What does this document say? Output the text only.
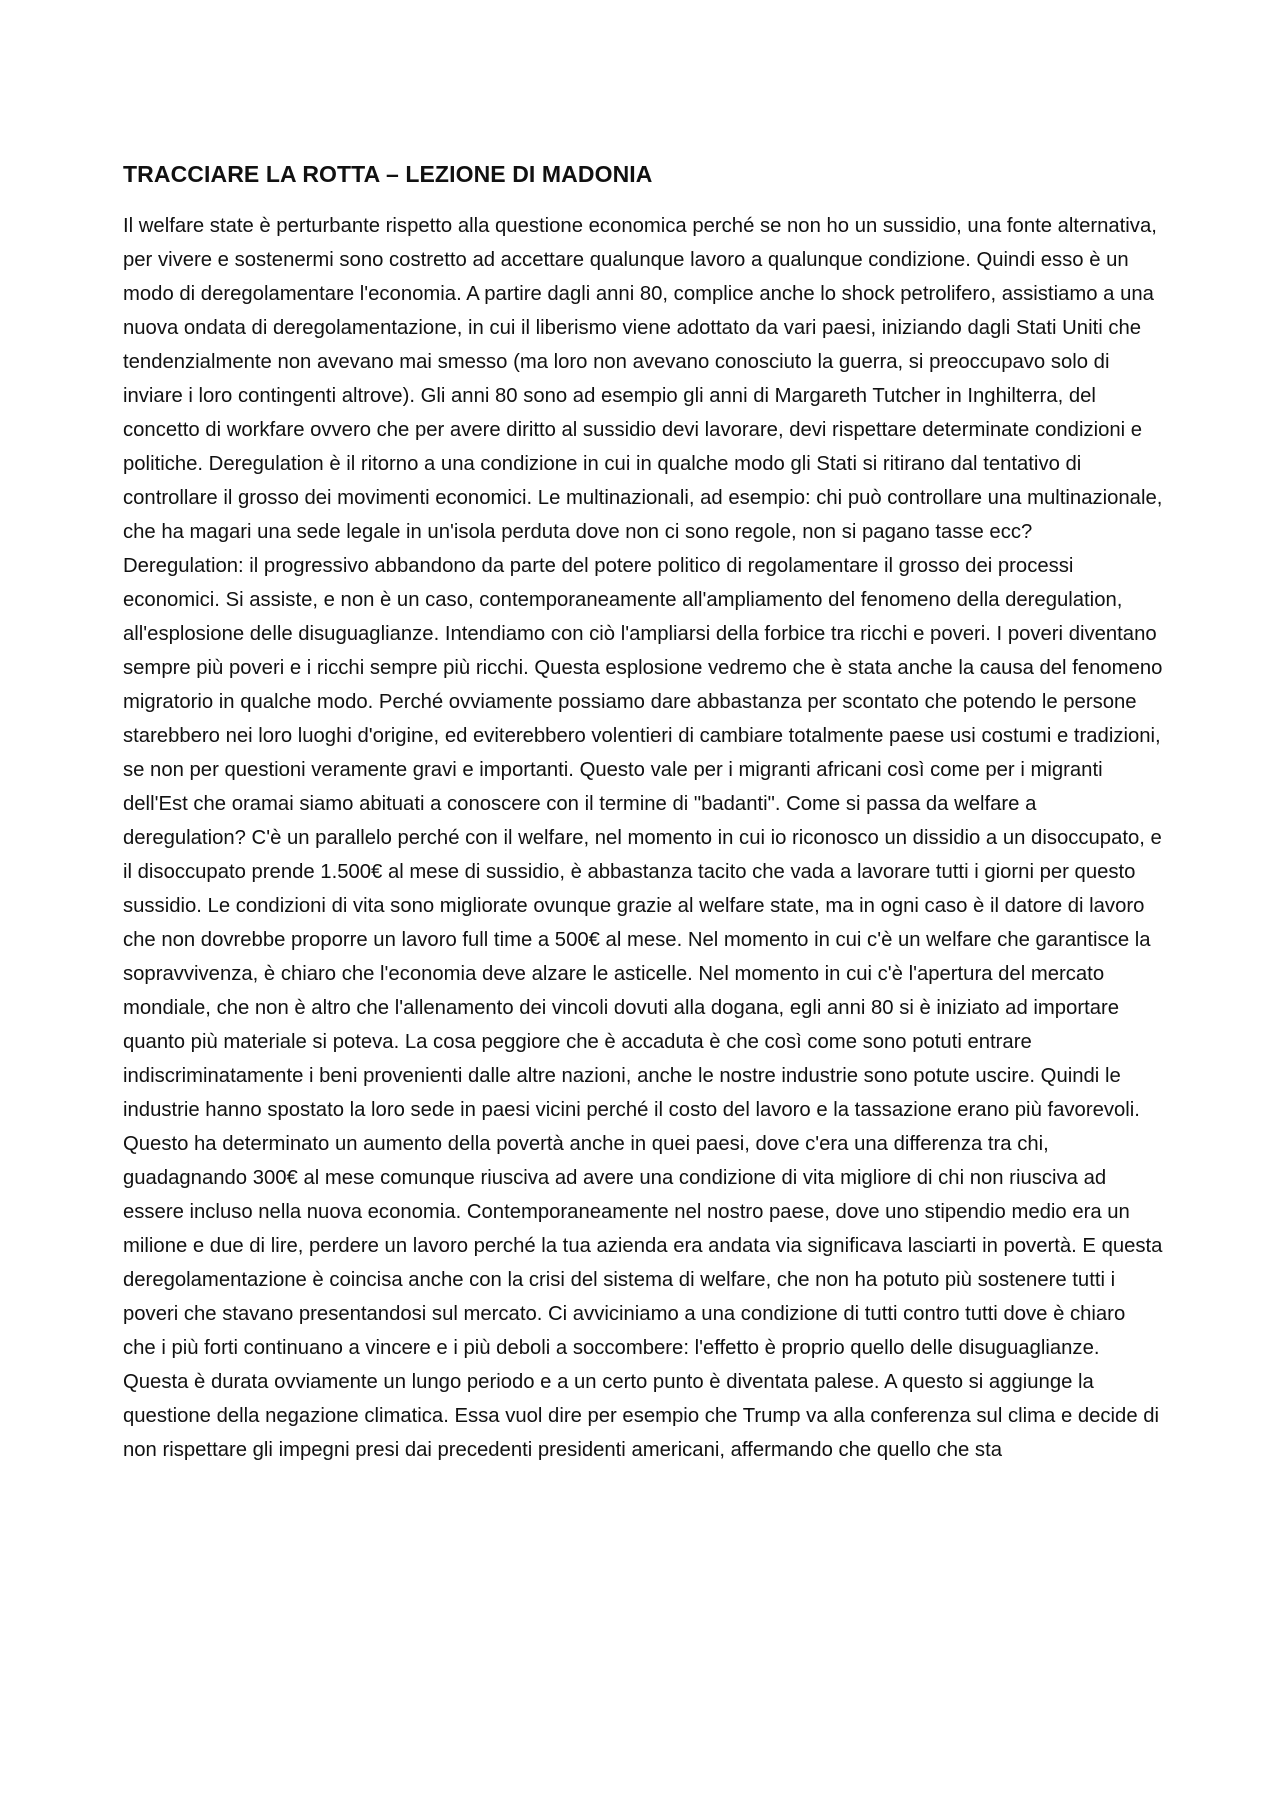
TRACCIARE LA ROTTA – LEZIONE DI MADONIA

Il welfare state è perturbante rispetto alla questione economica perché se non ho un sussidio, una fonte alternativa, per vivere e sostenermi sono costretto ad accettare qualunque lavoro a qualunque condizione. Quindi esso è un modo di deregolamentare l'economia. A partire dagli anni 80, complice anche lo shock petrolifero, assistiamo a una nuova ondata di deregolamentazione, in cui il liberismo viene adottato da vari paesi, iniziando dagli Stati Uniti che tendenzialmente non avevano mai smesso (ma loro non avevano conosciuto la guerra, si preoccupavo solo di inviare i loro contingenti altrove). Gli anni 80 sono ad esempio gli anni di Margareth Tutcher in Inghilterra, del concetto di workfare ovvero che per avere diritto al sussidio devi lavorare, devi rispettare determinate condizioni e politiche. Deregulation è il ritorno a una condizione in cui in qualche modo gli Stati si ritirano dal tentativo di controllare il grosso dei movimenti economici. Le multinazionali, ad esempio: chi può controllare una multinazionale, che ha magari una sede legale in un'isola perduta dove non ci sono regole, non si pagano tasse ecc?

Deregulation: il progressivo abbandono da parte del potere politico di regolamentare il grosso dei processi economici. Si assiste, e non è un caso, contemporaneamente all'ampliamento del fenomeno della deregulation, all'esplosione delle disuguaglianze. Intendiamo con ciò l'ampliarsi della forbice tra ricchi e poveri. I poveri diventano sempre più poveri e i ricchi sempre più ricchi. Questa esplosione vedremo che è stata anche la causa del fenomeno migratorio in qualche modo. Perché ovviamente possiamo dare abbastanza per scontato che potendo le persone starebbero nei loro luoghi d'origine, ed eviterebbero volentieri di cambiare totalmente paese usi costumi e tradizioni, se non per questioni veramente gravi e importanti. Questo vale per i migranti africani così come per i migranti dell'Est che oramai siamo abituati a conoscere con il termine di "badanti". Come si passa da welfare a deregulation? C'è un parallelo perché con il welfare, nel momento in cui io riconosco un dissidio a un disoccupato, e il disoccupato prende 1.500€ al mese di sussidio, è abbastanza tacito che vada a lavorare tutti i giorni per questo sussidio. Le condizioni di vita sono migliorate ovunque grazie al welfare state, ma in ogni caso è il datore di lavoro che non dovrebbe proporre un lavoro full time a 500€ al mese. Nel momento in cui c'è un welfare che garantisce la sopravvivenza, è chiaro che l'economia deve alzare le asticelle. Nel momento in cui c'è l'apertura del mercato mondiale, che non è altro che l'allenamento dei vincoli dovuti alla dogana, egli anni 80 si è iniziato ad importare quanto più materiale si poteva. La cosa peggiore che è accaduta è che così come sono potuti entrare indiscriminatamente i beni provenienti dalle altre nazioni, anche le nostre industrie sono potute uscire. Quindi le industrie hanno spostato la loro sede in paesi vicini perché il costo del lavoro e la tassazione erano più favorevoli. Questo ha determinato un aumento della povertà anche in quei paesi, dove c'era una differenza tra chi, guadagnando 300€ al mese comunque riusciva ad avere una condizione di vita migliore di chi non riusciva ad essere incluso nella nuova economia. Contemporaneamente nel nostro paese, dove uno stipendio medio era un milione e due di lire, perdere un lavoro perché la tua azienda era andata via significava lasciarti in povertà. E questa deregolamentazione è coincisa anche con la crisi del sistema di welfare, che non ha potuto più sostenere tutti i poveri che stavano presentandosi sul mercato. Ci avviciniamo a una condizione di tutti contro tutti dove è chiaro che i più forti continuano a vincere e i più deboli a soccombere: l'effetto è proprio quello delle disuguaglianze. Questa è durata ovviamente un lungo periodo e a un certo punto è diventata palese. A questo si aggiunge la questione della negazione climatica. Essa vuol dire per esempio che Trump va alla conferenza sul clima e decide di non rispettare gli impegni presi dai precedenti presidenti americani, affermando che quello che sta
